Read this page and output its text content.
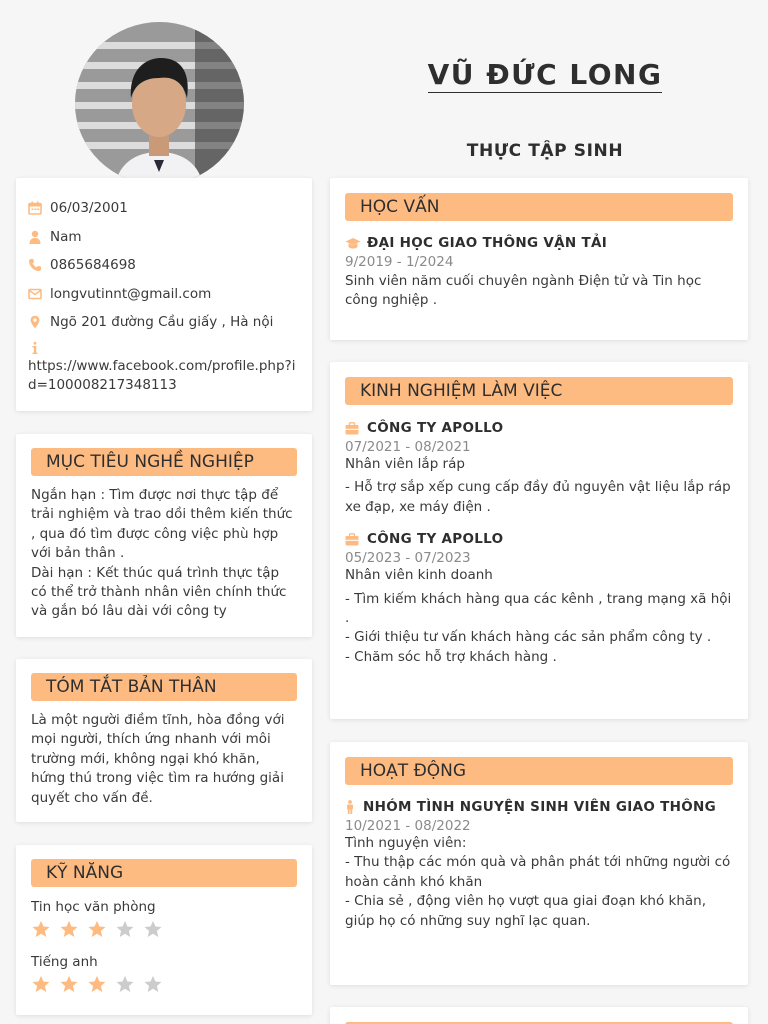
VŨ ĐỨC LONG
THỰC TẬP SINH
06/03/2001
Nam
0865684698
longvutinnt@gmail.com
Ngõ 201 đường Cầu giấy , Hà nội
https://www.facebook.com/profile.php?id=100008217348113
MỤC TIÊU NGHỀ NGHIỆP
Ngắn hạn : Tìm được nơi thực tập để trải nghiệm và trao dồi thêm kiến thức , qua đó tìm được công việc phù hợp với bản thân .
Dài hạn : Kết thúc quá trình thực tập có thể trở thành nhân viên chính thức và gắn bó lâu dài với công ty
TÓM TẮT BẢN THÂN
Là một người điềm tĩnh, hòa đồng với mọi người, thích ứng nhanh với môi trường mới, không ngại khó khăn, hứng thú trong việc tìm ra hướng giải quyết cho vấn đề.
KỸ NĂNG
Tin học văn phòng
Tiếng anh
HỌC VẤN
ĐẠI HỌC GIAO THÔNG VẬN TẢI
9/2019 - 1/2024
Sinh viên năm cuối chuyên ngành Điện tử và Tin học công nghiệp .
KINH NGHIỆM LÀM VIỆC
CÔNG TY APOLLO
07/2021 - 08/2021
Nhân viên lắp ráp
- Hỗ trợ sắp xếp cung cấp đầy đủ nguyên vật liệu lắp ráp xe đạp, xe máy điện .
CÔNG TY APOLLO
05/2023 - 07/2023
Nhân viên kinh doanh
- Tìm kiếm khách hàng qua các kênh , trang mạng xã hội .
- Giới thiệu tư vấn khách hàng các sản phẩm công ty .
- Chăm sóc hỗ trợ khách hàng .
HOẠT ĐỘNG
NHÓM TÌNH NGUYỆN SINH VIÊN GIAO THÔNG
10/2021 - 08/2022
Tình nguyện viên:
- Thu thập các món quà và phân phát tới những người có hoàn cảnh khó khăn
- Chia sẻ , động viên họ vượt qua giai đoạn khó khăn, giúp họ có những suy nghĩ lạc quan.
